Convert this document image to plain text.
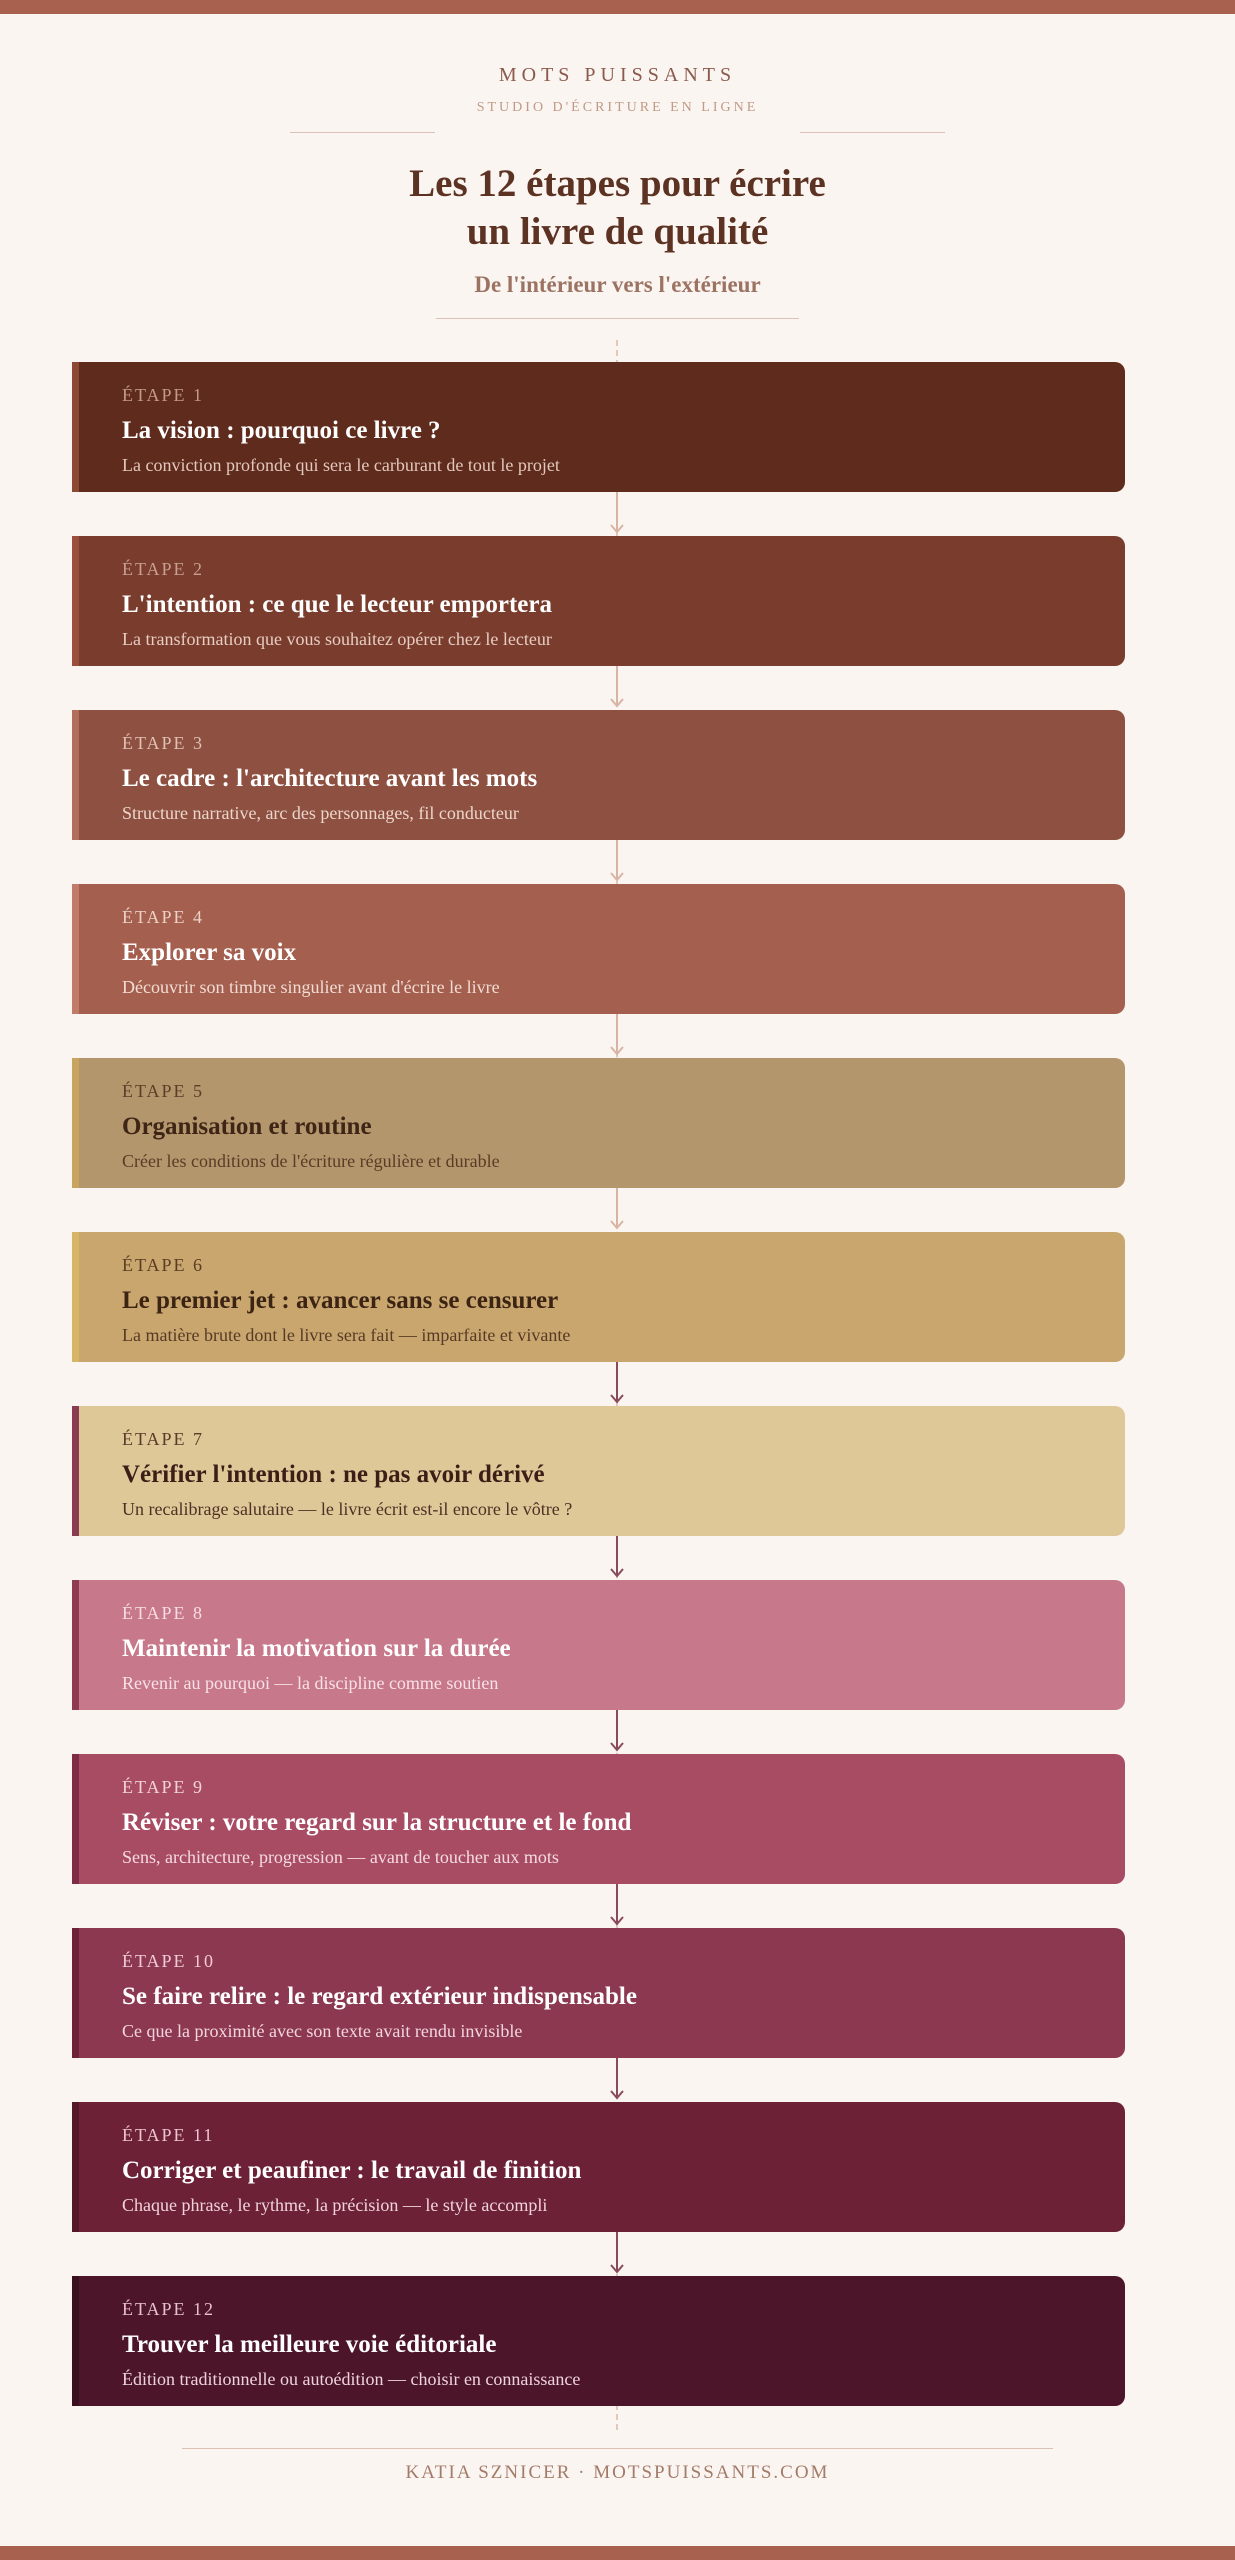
MOTS PUISSANTS
STUDIO D'ÉCRITURE EN LIGNE
Les 12 étapes pour écrire
un livre de qualité
De l'intérieur vers l'extérieur
ÉTAPE 1
La vision : pourquoi ce livre ?
La conviction profonde qui sera le carburant de tout le projet
ÉTAPE 2
L'intention : ce que le lecteur emportera
La transformation que vous souhaitez opérer chez le lecteur
ÉTAPE 3
Le cadre : l'architecture avant les mots
Structure narrative, arc des personnages, fil conducteur
ÉTAPE 4
Explorer sa voix
Découvrir son timbre singulier avant d'écrire le livre
ÉTAPE 5
Organisation et routine
Créer les conditions de l'écriture régulière et durable
ÉTAPE 6
Le premier jet : avancer sans se censurer
La matière brute dont le livre sera fait — imparfaite et vivante
ÉTAPE 7
Vérifier l'intention : ne pas avoir dérivé
Un recalibrage salutaire — le livre écrit est-il encore le vôtre ?
ÉTAPE 8
Maintenir la motivation sur la durée
Revenir au pourquoi — la discipline comme soutien
ÉTAPE 9
Réviser : votre regard sur la structure et le fond
Sens, architecture, progression — avant de toucher aux mots
ÉTAPE 10
Se faire relire : le regard extérieur indispensable
Ce que la proximité avec son texte avait rendu invisible
ÉTAPE 11
Corriger et peaufiner : le travail de finition
Chaque phrase, le rythme, la précision — le style accompli
ÉTAPE 12
Trouver la meilleure voie éditoriale
Édition traditionnelle ou autoédition — choisir en connaissance
KATIA SZNICER · MOTSPUISSANTS.COM
